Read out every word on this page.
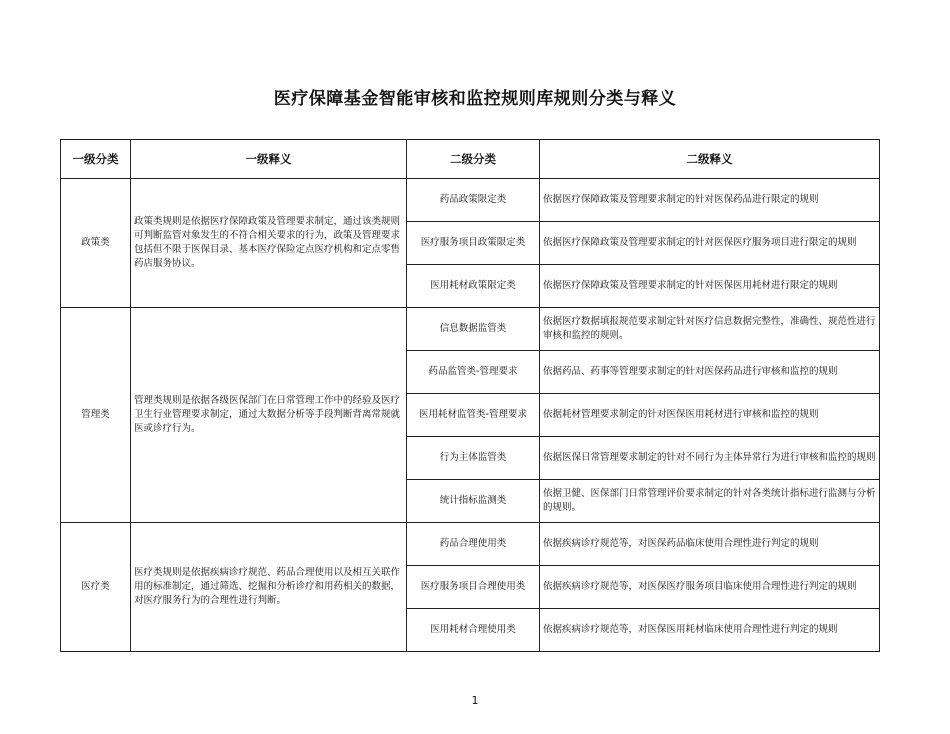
医疗保障基金智能审核和监控规则库规则分类与释义
一级分类	一级释义	二级分类	二级释义
政策类	政策类规则是依据医疗保障政策及管理要求制定，通过该类规则可判断监管对象发生的不符合相关要求的行为，政策及管理要求包括但不限于医保目录、基本医疗保险定点医疗机构和定点零售药店服务协议。	药品政策限定类	依据医疗保障政策及管理要求制定的针对医保药品进行限定的规则
		医疗服务项目政策限定类	依据医疗保障政策及管理要求制定的针对医保医疗服务项目进行限定的规则
		医用耗材政策限定类	依据医疗保障政策及管理要求制定的针对医保医用耗材进行限定的规则
管理类	管理类规则是依据各级医保部门在日常管理工作中的经验及医疗卫生行业管理要求制定，通过大数据分析等手段判断背离常规就医或诊疗行为。	信息数据监管类	依据医疗数据填报规范要求制定针对医疗信息数据完整性，准确性、规范性进行审核和监控的规则。
		药品监管类-管理要求	依据药品、药事等管理要求制定的针对医保药品进行审核和监控的规则
		医用耗材监管类-管理要求	依据耗材管理要求制定的针对医保医用耗材进行审核和监控的规则
		行为主体监管类	依据医保日常管理要求制定的针对不同行为主体异常行为进行审核和监控的规则
		统计指标监测类	依据卫健、医保部门日常管理评价要求制定的针对各类统计指标进行监测与分析的规则。
医疗类	医疗类规则是依据疾病诊疗规范、药品合理使用以及相互关联作用的标准制定，通过筛选、挖掘和分析诊疗和用药相关的数据，对医疗服务行为的合理性进行判断。	药品合理使用类	依据疾病诊疗规范等，对医保药品临床使用合理性进行判定的规则
		医疗服务项目合理使用类	依据疾病诊疗规范等，对医保医疗服务项目临床使用合理性进行判定的规则
		医用耗材合理使用类	依据疾病诊疗规范等，对医保医用耗材临床使用合理性进行判定的规则
1
